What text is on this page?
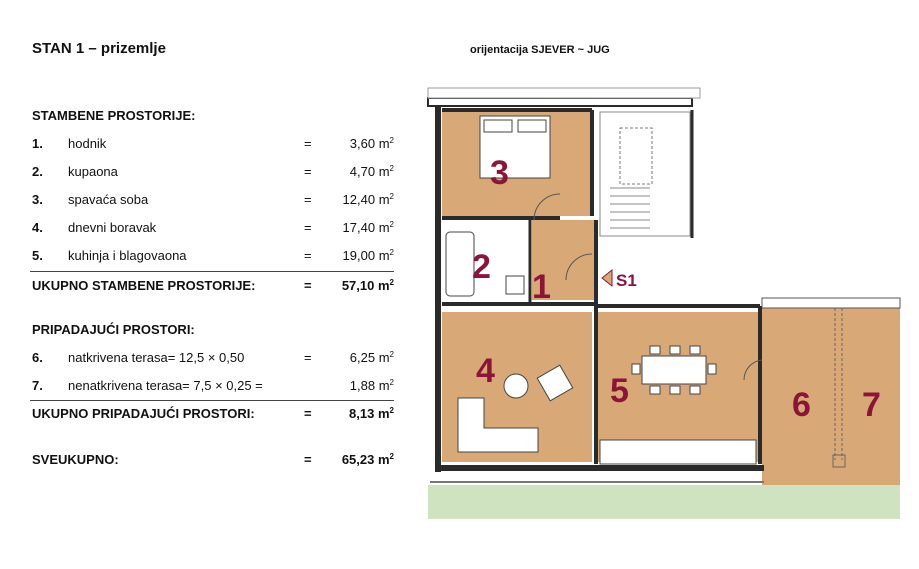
STAN 1 – prizemlje	orijentacija SJEVER ~ JUG
STAMBENE PROSTORIJE:
1. hodnik	=	3,60 $m^2$
2. kupaona	=	4,70 $m^2$
3. spavaća soba	= 12,40 $m^2$
4. dnevni boravak	= 17,40 $m^2$
5. kuhinja i blagovaona	= 19,00 $m^2$
UKUPNO STAMBENE PROSTORIJE:	= 57,10 $m^2$
PRIPADAJUĆI PROSTORI:
6. natkrivena terasa= 12,5 × 0,50	=	6,25 $m^2$
7. nenatkrivena terasa= 7,5 × 0,25 =	1,88 $m^2$
UKUPNO PRIPADAJUĆI PROSTORI:	=	8,13 $m^2$
SVEUKUPNO:	= 65,23 $m^2$
3
2
1
4
5	6 7
S1
